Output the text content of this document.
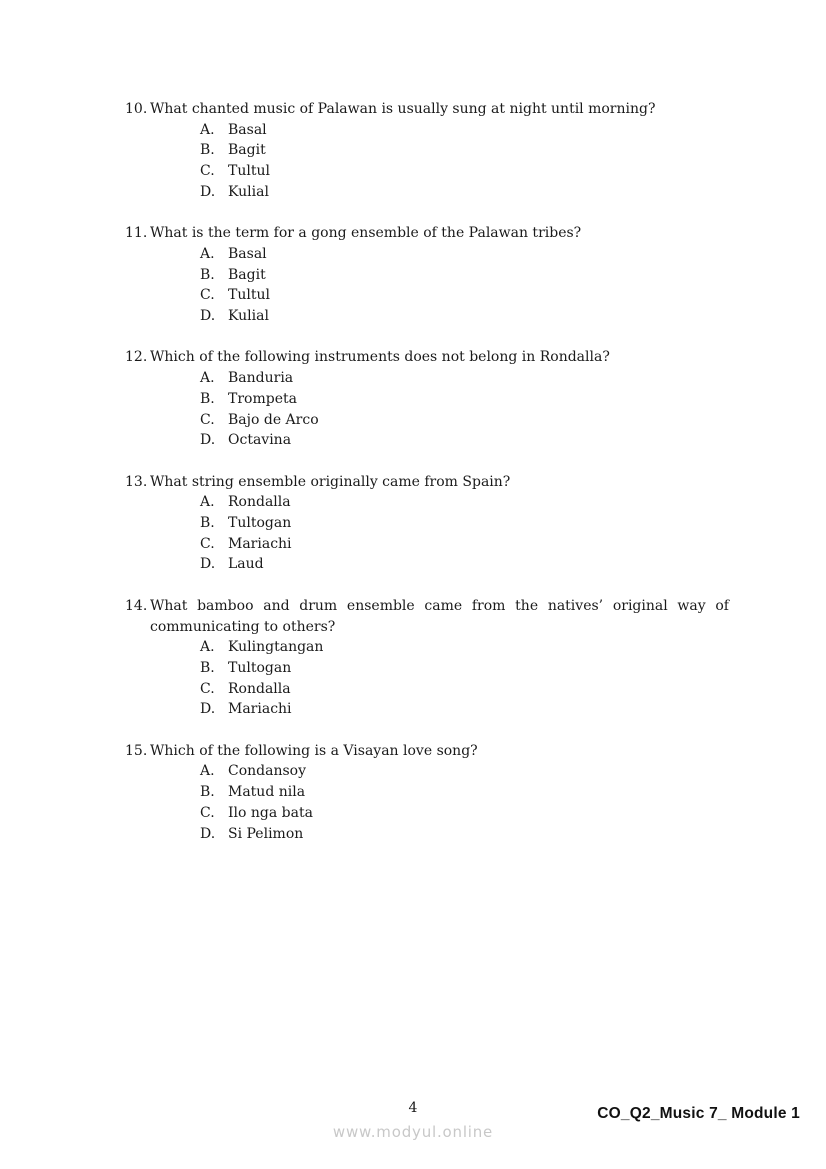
10. What chanted music of Palawan is usually sung at night until morning?
A. Basal
B. Bagit
C. Tultul
D. Kulial
11. What is the term for a gong ensemble of the Palawan tribes?
A. Basal
B. Bagit
C. Tultul
D. Kulial
12. Which of the following instruments does not belong in Rondalla?
A. Banduria
B. Trompeta
C. Bajo de Arco
D. Octavina
13. What string ensemble originally came from Spain?
A. Rondalla
B. Tultogan
C. Mariachi
D. Laud
14. What bamboo and drum ensemble came from the natives’ original way of communicating to others?
A. Kulingtangan
B. Tultogan
C. Rondalla
D. Mariachi
15. Which of the following is a Visayan love song?
A. Condansoy
B. Matud nila
C. Ilo nga bata
D. Si Pelimon
4
www.modyul.online
CO_Q2_Music 7_ Module 1
